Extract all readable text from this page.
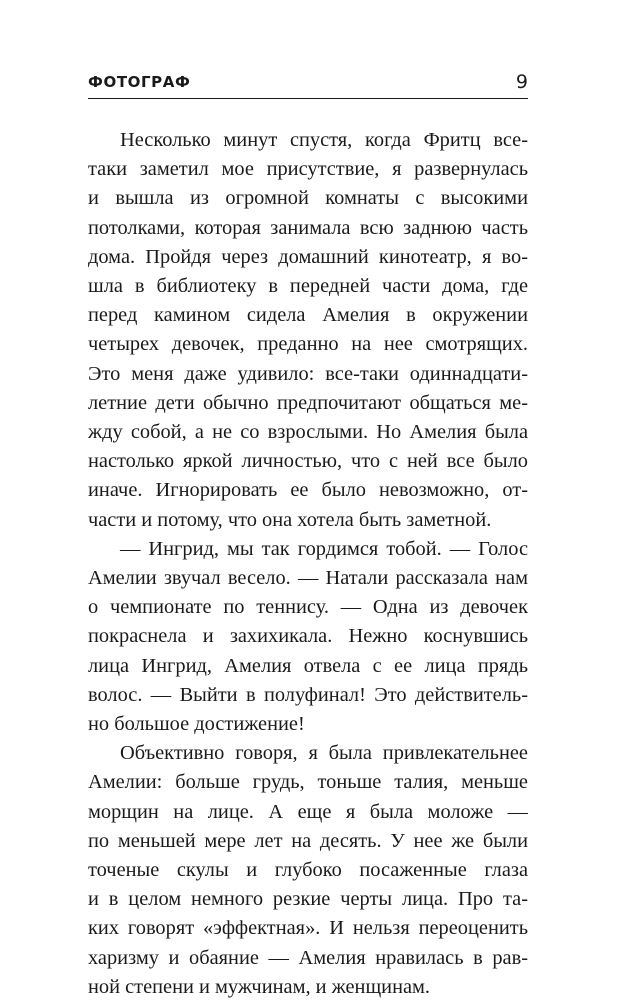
ФОТОГРАФ	9
Несколько минут спустя, когда Фритц все-
таки заметил мое присутствие, я развернулась
и вышла из огромной комнаты с высокими
потолками, которая занимала всю заднюю часть
дома. Пройдя через домашний кинотеатр, я во-
шла в библиотеку в передней части дома, где
перед камином сидела Амелия в окружении
четырех девочек, преданно на нее смотрящих.
Это меня даже удивило: все-таки одиннадцати-
летние дети обычно предпочитают общаться ме-
жду собой, а не со взрослыми. Но Амелия была
настолько яркой личностью, что с ней все было
иначе. Игнорировать ее было невозможно, от-
части и потому, что она хотела быть заметной.
— Ингрид, мы так гордимся тобой. — Голос
Амелии звучал весело. — Натали рассказала нам
о чемпионате по теннису. — Одна из девочек
покраснела и захихикала. Нежно коснувшись
лица Ингрид, Амелия отвела с ее лица прядь
волос. — Выйти в полуфинал! Это действитель-
но большое достижение!
Объективно говоря, я была привлекательнее
Амелии: больше грудь, тоньше талия, меньше
морщин на лице. А еще я была моложе —
по меньшей мере лет на десять. У нее же были
точеные скулы и глубоко посаженные глаза
и в целом немного резкие черты лица. Про та-
ких говорят «эффектная». И нельзя переоценить
харизму и обаяние — Амелия нравилась в рав-
ной степени и мужчинам, и женщинам.
